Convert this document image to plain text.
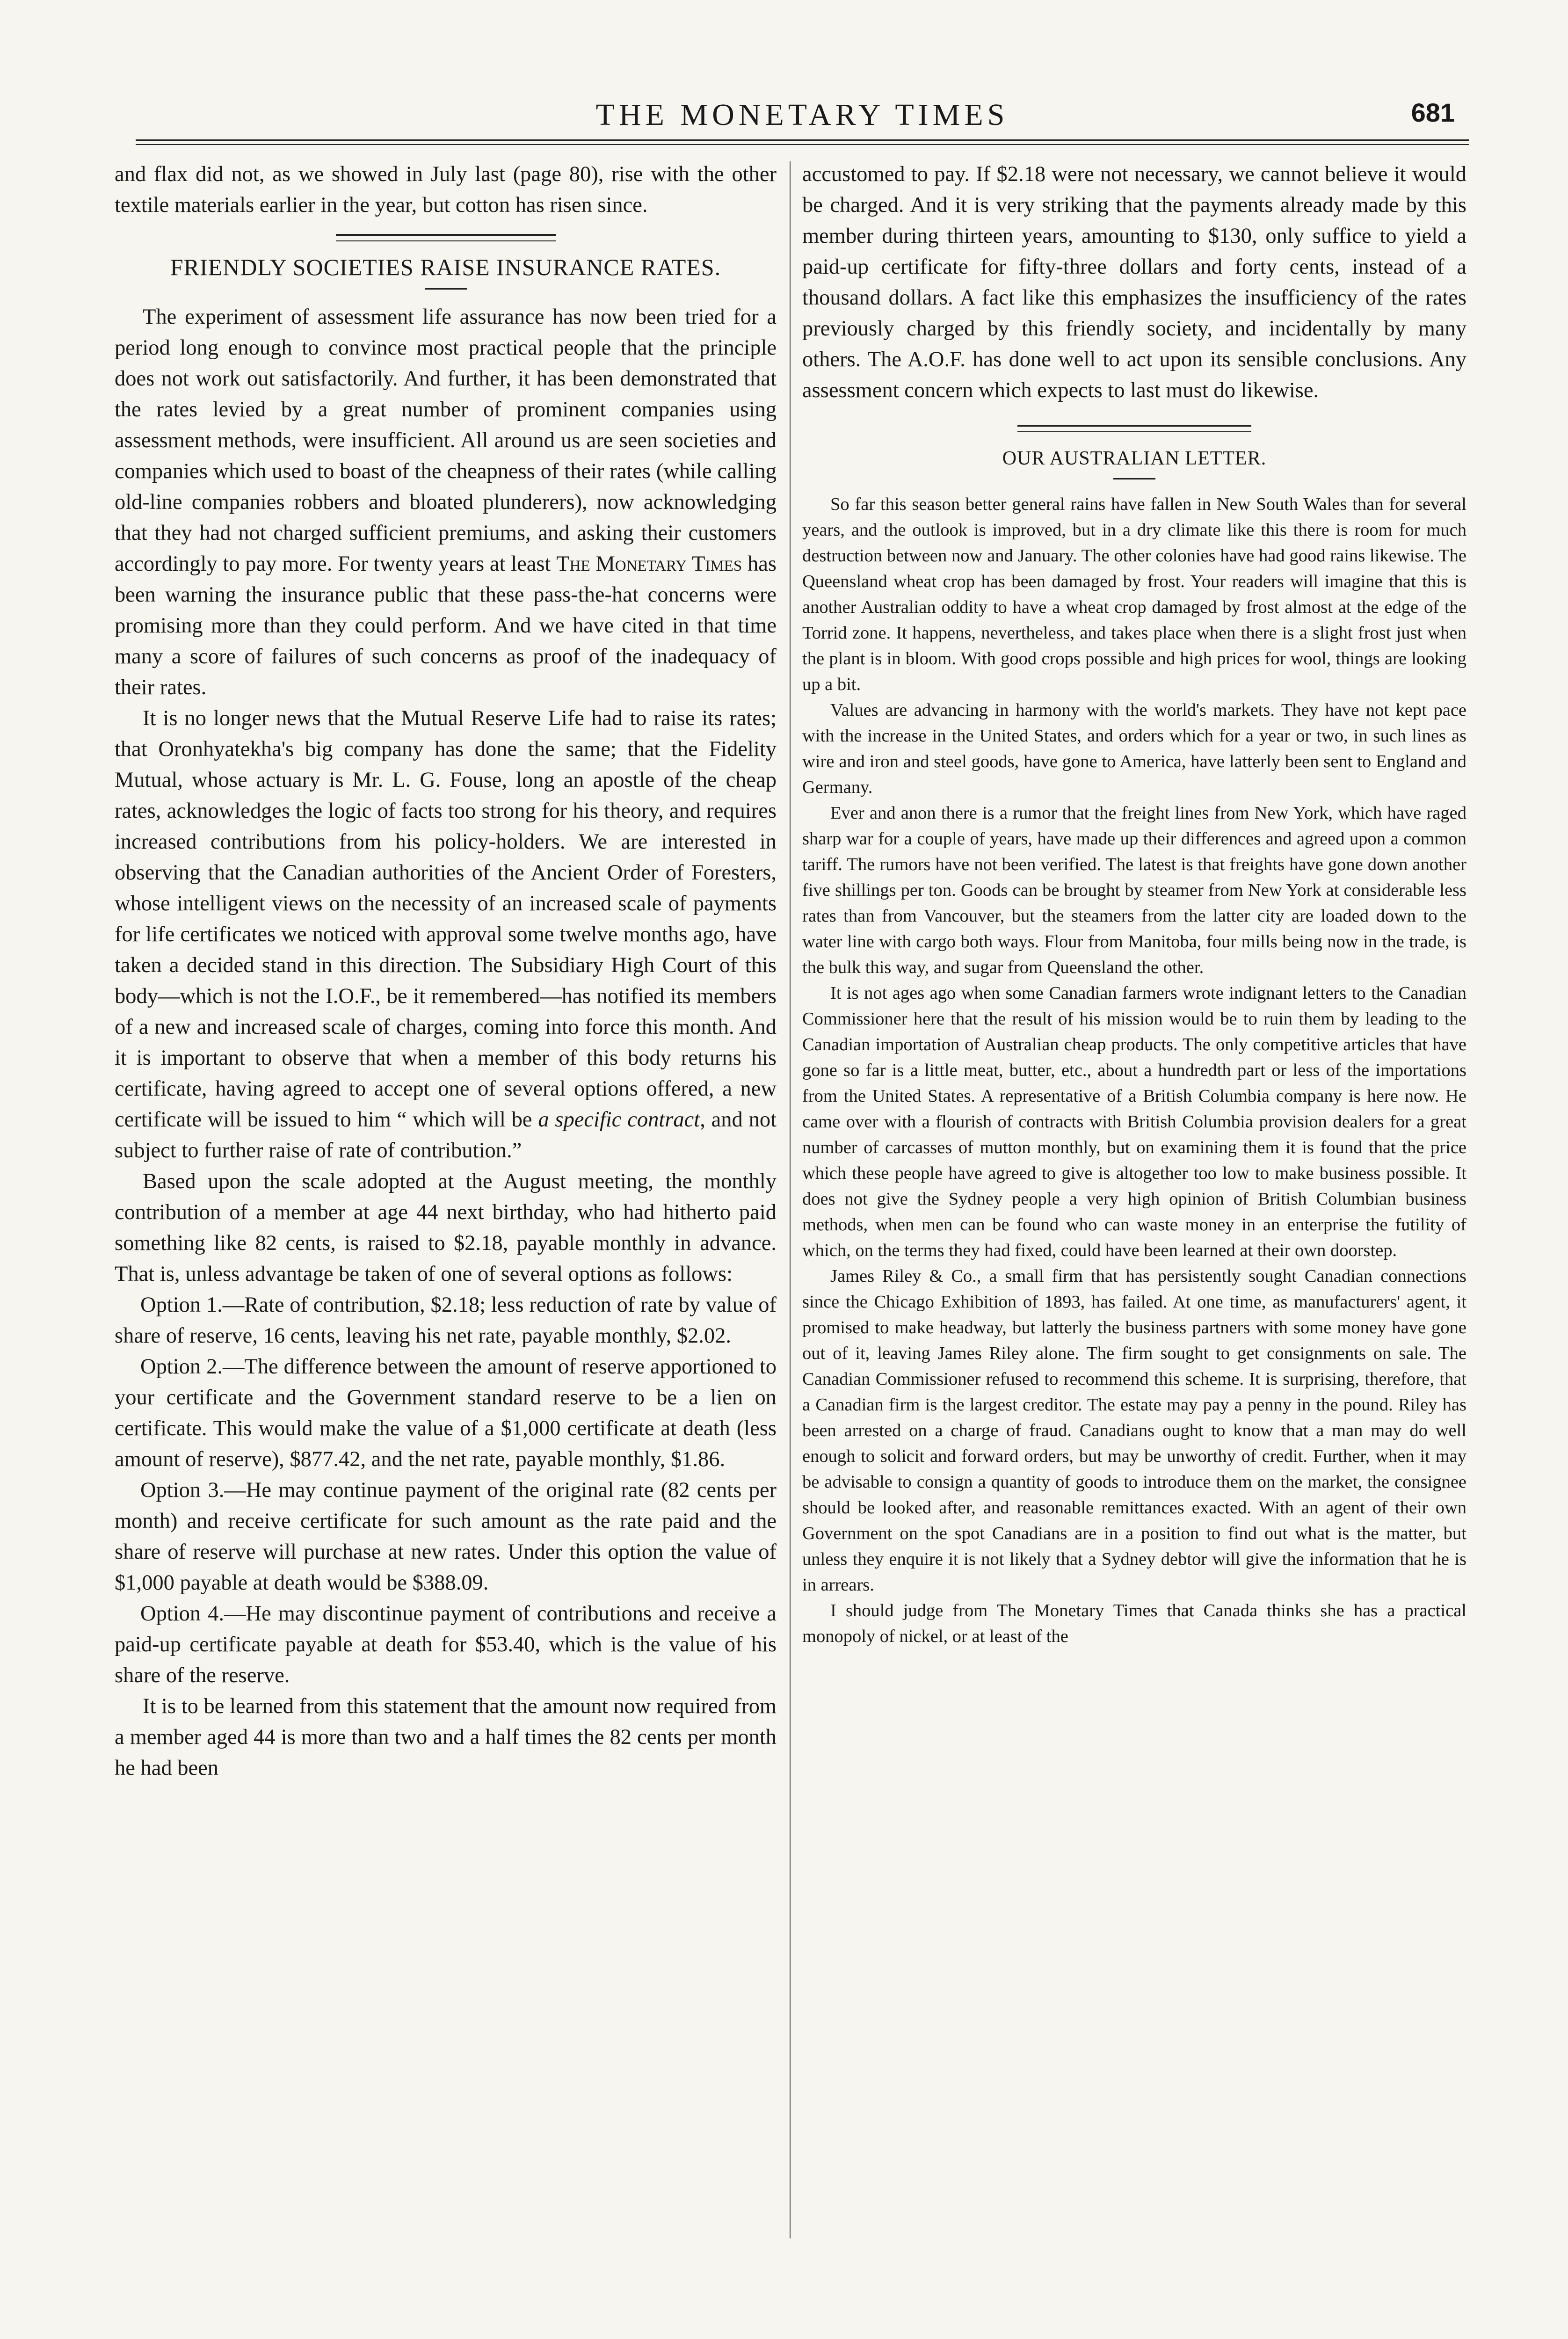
THE MONETARY TIMES	681

and flax did not, as we showed in July last (page 80), rise with the other textile materials earlier in the year, but cotton has risen since.

FRIENDLY SOCIETIES RAISE INSURANCE RATES.

The experiment of assessment life assurance has now been tried for a period long enough to convince most practical people that the principle does not work out satisfactorily. And further, it has been demonstrated that the rates levied by a great number of prominent companies using assessment methods, were insufficient. All around us are seen societies and companies which used to boast of the cheapness of their rates (while calling old-line companies robbers and bloated plunderers), now acknowledging that they had not charged sufficient premiums, and asking their customers accordingly to pay more. For twenty years at least The Monetary Times has been warning the insurance public that these pass-the-hat concerns were promising more than they could perform. And we have cited in that time many a score of failures of such concerns as proof of the inadequacy of their rates.

It is no longer news that the Mutual Reserve Life had to raise its rates; that Oronhyatekha's big company has done the same; that the Fidelity Mutual, whose actuary is Mr. L. G. Fouse, long an apostle of the cheap rates, acknowledges the logic of facts too strong for his theory, and requires increased contributions from his policy-holders. We are interested in observing that the Canadian authorities of the Ancient Order of Foresters, whose intelligent views on the necessity of an increased scale of payments for life certificates we noticed with approval some twelve months ago, have taken a decided stand in this direction. The Subsidiary High Court of this body—which is not the I.O.F., be it remembered—has notified its members of a new and increased scale of charges, coming into force this month. And it is important to observe that when a member of this body returns his certificate, having agreed to accept one of several options offered, a new certificate will be issued to him “ which will be a specific contract, and not subject to further raise of rate of contribution.”

Based upon the scale adopted at the August meeting, the monthly contribution of a member at age 44 next birthday, who had hitherto paid something like 82 cents, is raised to $2.18, payable monthly in advance. That is, unless advantage be taken of one of several options as follows:

Option 1.—Rate of contribution, $2.18; less reduction of rate by value of share of reserve, 16 cents, leaving his net rate, payable monthly, $2.02.

Option 2.—The difference between the amount of reserve apportioned to your certificate and the Government standard reserve to be a lien on certificate. This would make the value of a $1,000 certificate at death (less amount of reserve), $877.42, and the net rate, payable monthly, $1.86.

Option 3.—He may continue payment of the original rate (82 cents per month) and receive certificate for such amount as the rate paid and the share of reserve will purchase at new rates. Under this option the value of $1,000 payable at death would be $388.09.

Option 4.—He may discontinue payment of contributions and receive a paid-up certificate payable at death for $53.40, which is the value of his share of the reserve.

It is to be learned from this statement that the amount now required from a member aged 44 is more than two and a half times the 82 cents per month he had been

accustomed to pay. If $2.18 were not necessary, we cannot believe it would be charged. And it is very striking that the payments already made by this member during thirteen years, amounting to $130, only suffice to yield a paid-up certificate for fifty-three dollars and forty cents, instead of a thousand dollars. A fact like this emphasizes the insufficiency of the rates previously charged by this friendly society, and incidentally by many others. The A.O.F. has done well to act upon its sensible conclusions. Any assessment concern which expects to last must do likewise.

OUR AUSTRALIAN LETTER.

So far this season better general rains have fallen in New South Wales than for several years, and the outlook is improved, but in a dry climate like this there is room for much destruction between now and January. The other colonies have had good rains likewise. The Queensland wheat crop has been damaged by frost. Your readers will imagine that this is another Australian oddity to have a wheat crop damaged by frost almost at the edge of the Torrid zone. It happens, nevertheless, and takes place when there is a slight frost just when the plant is in bloom. With good crops possible and high prices for wool, things are looking up a bit.

Values are advancing in harmony with the world's markets. They have not kept pace with the increase in the United States, and orders which for a year or two, in such lines as wire and iron and steel goods, have gone to America, have latterly been sent to England and Germany.

Ever and anon there is a rumor that the freight lines from New York, which have raged sharp war for a couple of years, have made up their differences and agreed upon a common tariff. The rumors have not been verified. The latest is that freights have gone down another five shillings per ton. Goods can be brought by steamer from New York at considerable less rates than from Vancouver, but the steamers from the latter city are loaded down to the water line with cargo both ways. Flour from Manitoba, four mills being now in the trade, is the bulk this way, and sugar from Queensland the other.

It is not ages ago when some Canadian farmers wrote indignant letters to the Canadian Commissioner here that the result of his mission would be to ruin them by leading to the Canadian importation of Australian cheap products. The only competitive articles that have gone so far is a little meat, butter, etc., about a hundredth part or less of the importations from the United States. A representative of a British Columbia company is here now. He came over with a flourish of contracts with British Columbia provision dealers for a great number of carcasses of mutton monthly, but on examining them it is found that the price which these people have agreed to give is altogether too low to make business possible. It does not give the Sydney people a very high opinion of British Columbian business methods, when men can be found who can waste money in an enterprise the futility of which, on the terms they had fixed, could have been learned at their own doorstep.

James Riley & Co., a small firm that has persistently sought Canadian connections since the Chicago Exhibition of 1893, has failed. At one time, as manufacturers' agent, it promised to make headway, but latterly the business partners with some money have gone out of it, leaving James Riley alone. The firm sought to get consignments on sale. The Canadian Commissioner refused to recommend this scheme. It is surprising, therefore, that a Canadian firm is the largest creditor. The estate may pay a penny in the pound. Riley has been arrested on a charge of fraud. Canadians ought to know that a man may do well enough to solicit and forward orders, but may be unworthy of credit. Further, when it may be advisable to consign a quantity of goods to introduce them on the market, the consignee should be looked after, and reasonable remittances exacted. With an agent of their own Government on the spot Canadians are in a position to find out what is the matter, but unless they enquire it is not likely that a Sydney debtor will give the information that he is in arrears.

I should judge from The Monetary Times that Canada thinks she has a practical monopoly of nickel, or at least of the
